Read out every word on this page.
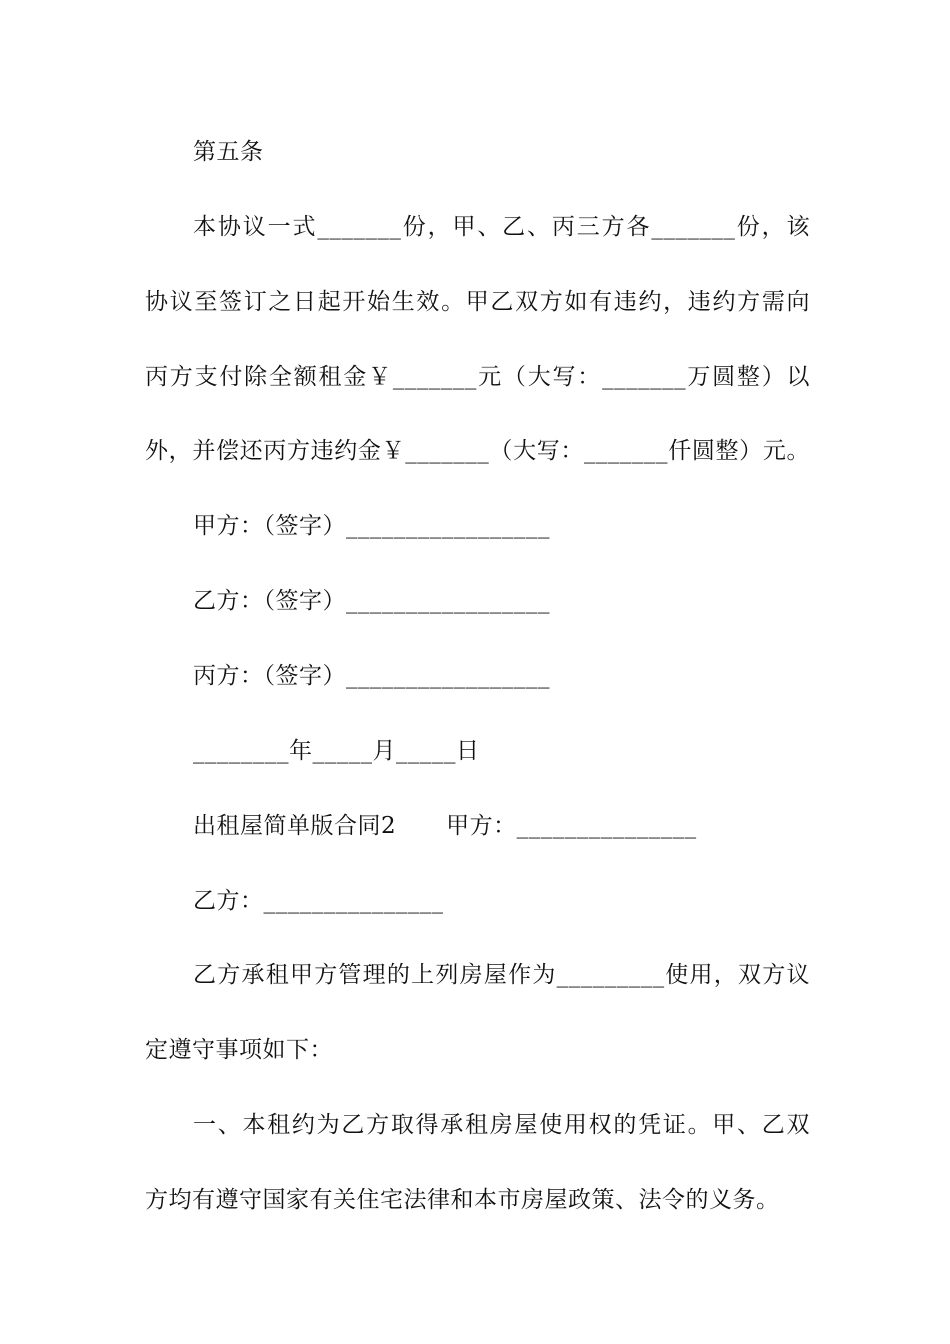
第五条
本协议一式_______份，甲、乙、丙三方各_______份，该
协议至签订之日起开始生效。甲乙双方如有违约，违约方需向
丙方支付除全额租金￥_______元（大写：_______万圆整）以
外，并偿还丙方违约金￥_______（大写：_______仟圆整）元。
甲方：（签字）_________________
乙方：（签字）_________________
丙方：（签字）_________________
________年_____月_____日
出租屋简单版合同2 甲方：_______________
乙方：_______________
乙方承租甲方管理的上列房屋作为_________使用，双方议
定遵守事项如下：
一、本租约为乙方取得承租房屋使用权的凭证。甲、乙双
方均有遵守国家有关住宅法律和本市房屋政策、法令的义务。
